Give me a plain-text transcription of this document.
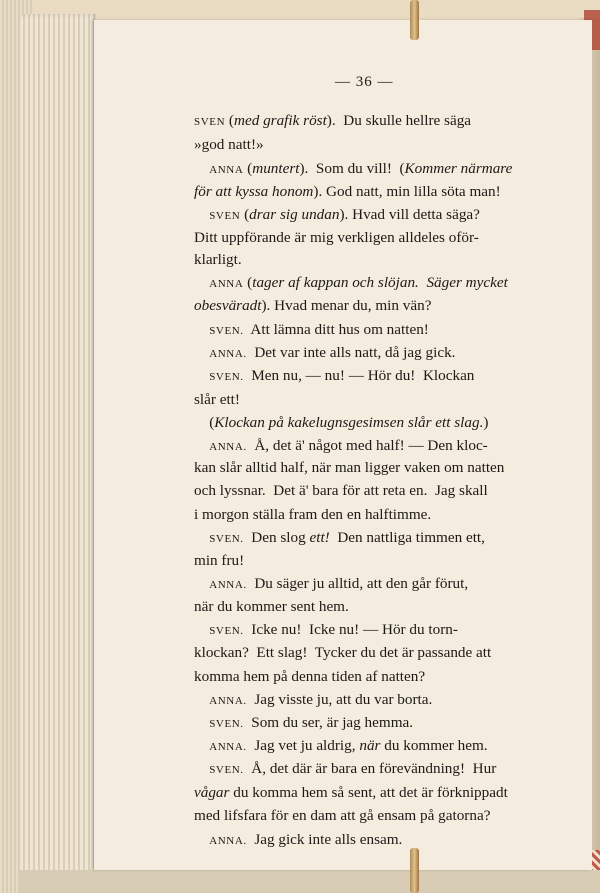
— 36 —
SVEN (med grafik röst).  Du skulle hellre säga
»god natt!»
ANNA (muntert).  Som du vill!  (Kommer närmare
för att kyssa honom). God natt, min lilla söta man!
SVEN (drar sig undan). Hvad vill detta säga?
Ditt uppförande är mig verkligen alldeles oför-
klarligt.
ANNA (tager af kappan och slöjan.  Säger mycket
obesväradt). Hvad menar du, min vän?
SVEN.  Att lämna ditt hus om natten!
ANNA.  Det var inte alls natt, då jag gick.
SVEN.  Men nu, — nu! — Hör du!  Klockan
slår ett!
(Klockan på kakelugnsgesimsen slår ett slag.)
ANNA.  Å, det ä' något med half! — Den kloc-
kan slår alltid half, när man ligger vaken om natten
och lyssnar.  Det ä' bara för att reta en.  Jag skall
i morgon ställa fram den en halftimme.
SVEN.  Den slog ett!  Den nattliga timmen ett,
min fru!
ANNA.  Du säger ju alltid, att den går förut,
när du kommer sent hem.
SVEN.  Icke nu!  Icke nu! — Hör du torn-
klockan?  Ett slag!  Tycker du det är passande att
komma hem på denna tiden af natten?
ANNA.  Jag visste ju, att du var borta.
SVEN.  Som du ser, är jag hemma.
ANNA.  Jag vet ju aldrig, när du kommer hem.
SVEN.  Å, det där är bara en förevändning!  Hur
vågar du komma hem så sent, att det är förknippadt
med lifsfara för en dam att gå ensam på gatorna?
ANNA.  Jag gick inte alls ensam.
